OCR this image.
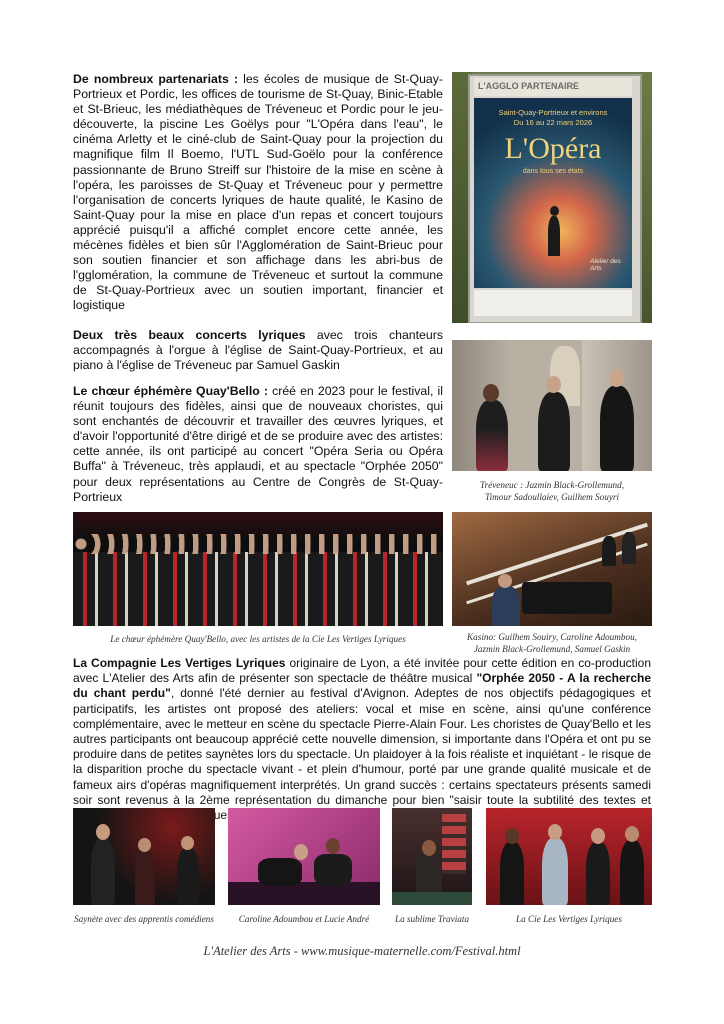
De nombreux partenariats : les écoles de musique de St-Quay-Portrieux et Pordic, les offices de tourisme de St-Quay, Binic-Etable et St-Brieuc, les médiathèques de Tréveneuc et Pordic pour le jeu-découverte, la piscine Les Goëlys pour "L'Opéra dans l'eau", le cinéma Arletty et le ciné-club de Saint-Quay pour la projection du magnifique film Il Boemo, l'UTL Sud-Goëlo pour la conférence passionnante de Bruno Streiff sur l'histoire de la mise en scène à l'opéra, les paroisses de St-Quay et Tréveneuc pour y permettre l'organisation de concerts lyriques de haute qualité, le Kasino de Saint-Quay pour la mise en place d'un repas et concert toujours apprécié puisqu'il a affiché complet encore cette année, les mécènes fidèles et bien sûr l'Agglomération de Saint-Brieuc pour son soutien financier et son affichage dans les abri-bus de l'gglomération, la commune de Tréveneuc et surtout la commune de St-Quay-Portrieux avec un soutien important, financier et logistique

L'AGGLO PARTENAIRE
Saint-Quay-Portrieux et environs
Du 16 au 22 mars 2026
L'Opéra
dans tous ses états
Atelier des Arts

Deux très beaux concerts lyriques avec trois chanteurs accompagnés à l'orgue à l'église de Saint-Quay-Portrieux, et au piano à l'église de Tréveneuc par Samuel Gaskin

Tréveneuc : Jazmin Black-Grollemund,
Timour Sadoullaiev, Guilhem Souyri

Le chœur éphémère Quay'Bello : créé en 2023 pour le festival, il réunit toujours des fidèles, ainsi que de nouveaux choristes, qui sont enchantés de découvrir et travailler des œuvres lyriques, et d'avoir l'opportunité d'être dirigé et de se produire avec des artistes: cette année, ils ont participé au concert "Opéra Seria ou Opéra Buffa" à Tréveneuc, très applaudi, et au spectacle "Orphée 2050" pour deux représentations au Centre de Congrès de St-Quay-Portrieux

Le chœur éphémère Quay'Bello, avec les artistes de la Cie Les Vertiges Lyriques	Kasino: Guilhem Souiry, Caroline Adoumbou,
Jazmin Black-Grollemund, Samuel Gaskin

La Compagnie Les Vertiges Lyriques originaire de Lyon, a été invitée pour cette édition en co-production avec L'Atelier des Arts afin de présenter son spectacle de théâtre musical "Orphée 2050 - A la recherche du chant perdu", donné l'été dernier au festival d'Avignon. Adeptes de nos objectifs pédagogiques et participatifs, les artistes ont proposé des ateliers: vocal et mise en scène, ainsi qu'une conférence complémentaire, avec le metteur en scène du spectacle Pierre-Alain Four. Les choristes de Quay'Bello et les autres participants ont beaucoup apprécié cette nouvelle dimension, si importante dans l'Opéra et ont pu se produire dans de petites saynètes lors du spectacle. Un plaidoyer à la fois réaliste et inquiétant - le risque de la disparition proche du spectacle vivant - et plein d'humour, porté par une grande qualité musicale et de fameux airs d'opéras magnifiquement interprétés. Un grand succès : certains spectateurs présents samedi soir sont revenus à la 2ème représentation du dimanche pour bien "saisir toute la subtilité des textes et

Saynète avec des apprentis comédiens	Caroline Adoumbou et Lucie André	La sublime Traviata	La Cie Les Vertiges Lyriques

L'Atelier des Arts - www.musique-maternelle.com/Festival.html
